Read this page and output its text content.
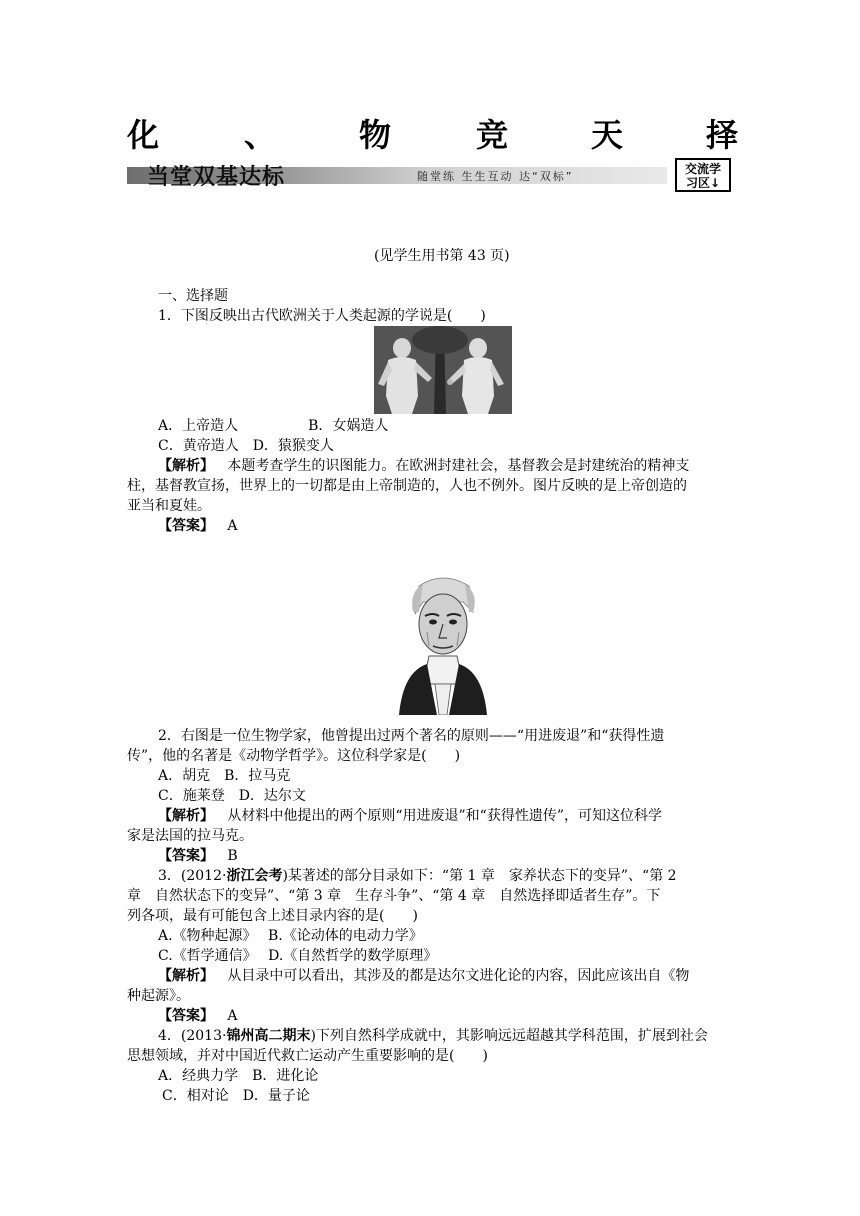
化	、	物	竞	天	择
当堂双基达标	随堂练 生生互动 达“双标”
交流学
习区↓
(见学生用书第 43 页)
一、选择题
1．下图反映出古代欧洲关于人类起源的学说是(　　)
A．上帝造人　　　　　B．女娲造人
C．黄帝造人　D．猿猴变人
【解析】 本题考查学生的识图能力。在欧洲封建社会，基督教会是封建统治的精神支
柱，基督教宣扬，世界上的一切都是由上帝制造的，人也不例外。图片反映的是上帝创造的
亚当和夏娃。
【答案】 A
2．右图是一位生物学家，他曾提出过两个著名的原则——“用进废退”和“获得性遗
传”，他的名著是《动物学哲学》。这位科学家是(　　)
A．胡克　B．拉马克
C．施莱登　D．达尔文
【解析】 从材料中他提出的两个原则“用进废退”和“获得性遗传”，可知这位科学
家是法国的拉马克。
【答案】 B
3．(2012·浙江会考)某著述的部分目录如下：“第 1 章　家养状态下的变异”、“第 2
章　自然状态下的变异”、“第 3 章　生存斗争”、“第 4 章　自然选择即适者生存”。下
列各项，最有可能包含上述目录内容的是(　　)
A.《物种起源》　 B.《论动体的电动力学》
C.《哲学通信》　 D.《自然哲学的数学原理》
【解析】 从目录中可以看出，其涉及的都是达尔文进化论的内容，因此应该出自《物
种起源》。
【答案】 A
4．(2013·锦州高二期末)下列自然科学成就中，其影响远远超越其学科范围，扩展到社会
思想领域，并对中国近代救亡运动产生重要影响的是(　　)
A．经典力学　B．进化论
C．相对论　D．量子论
